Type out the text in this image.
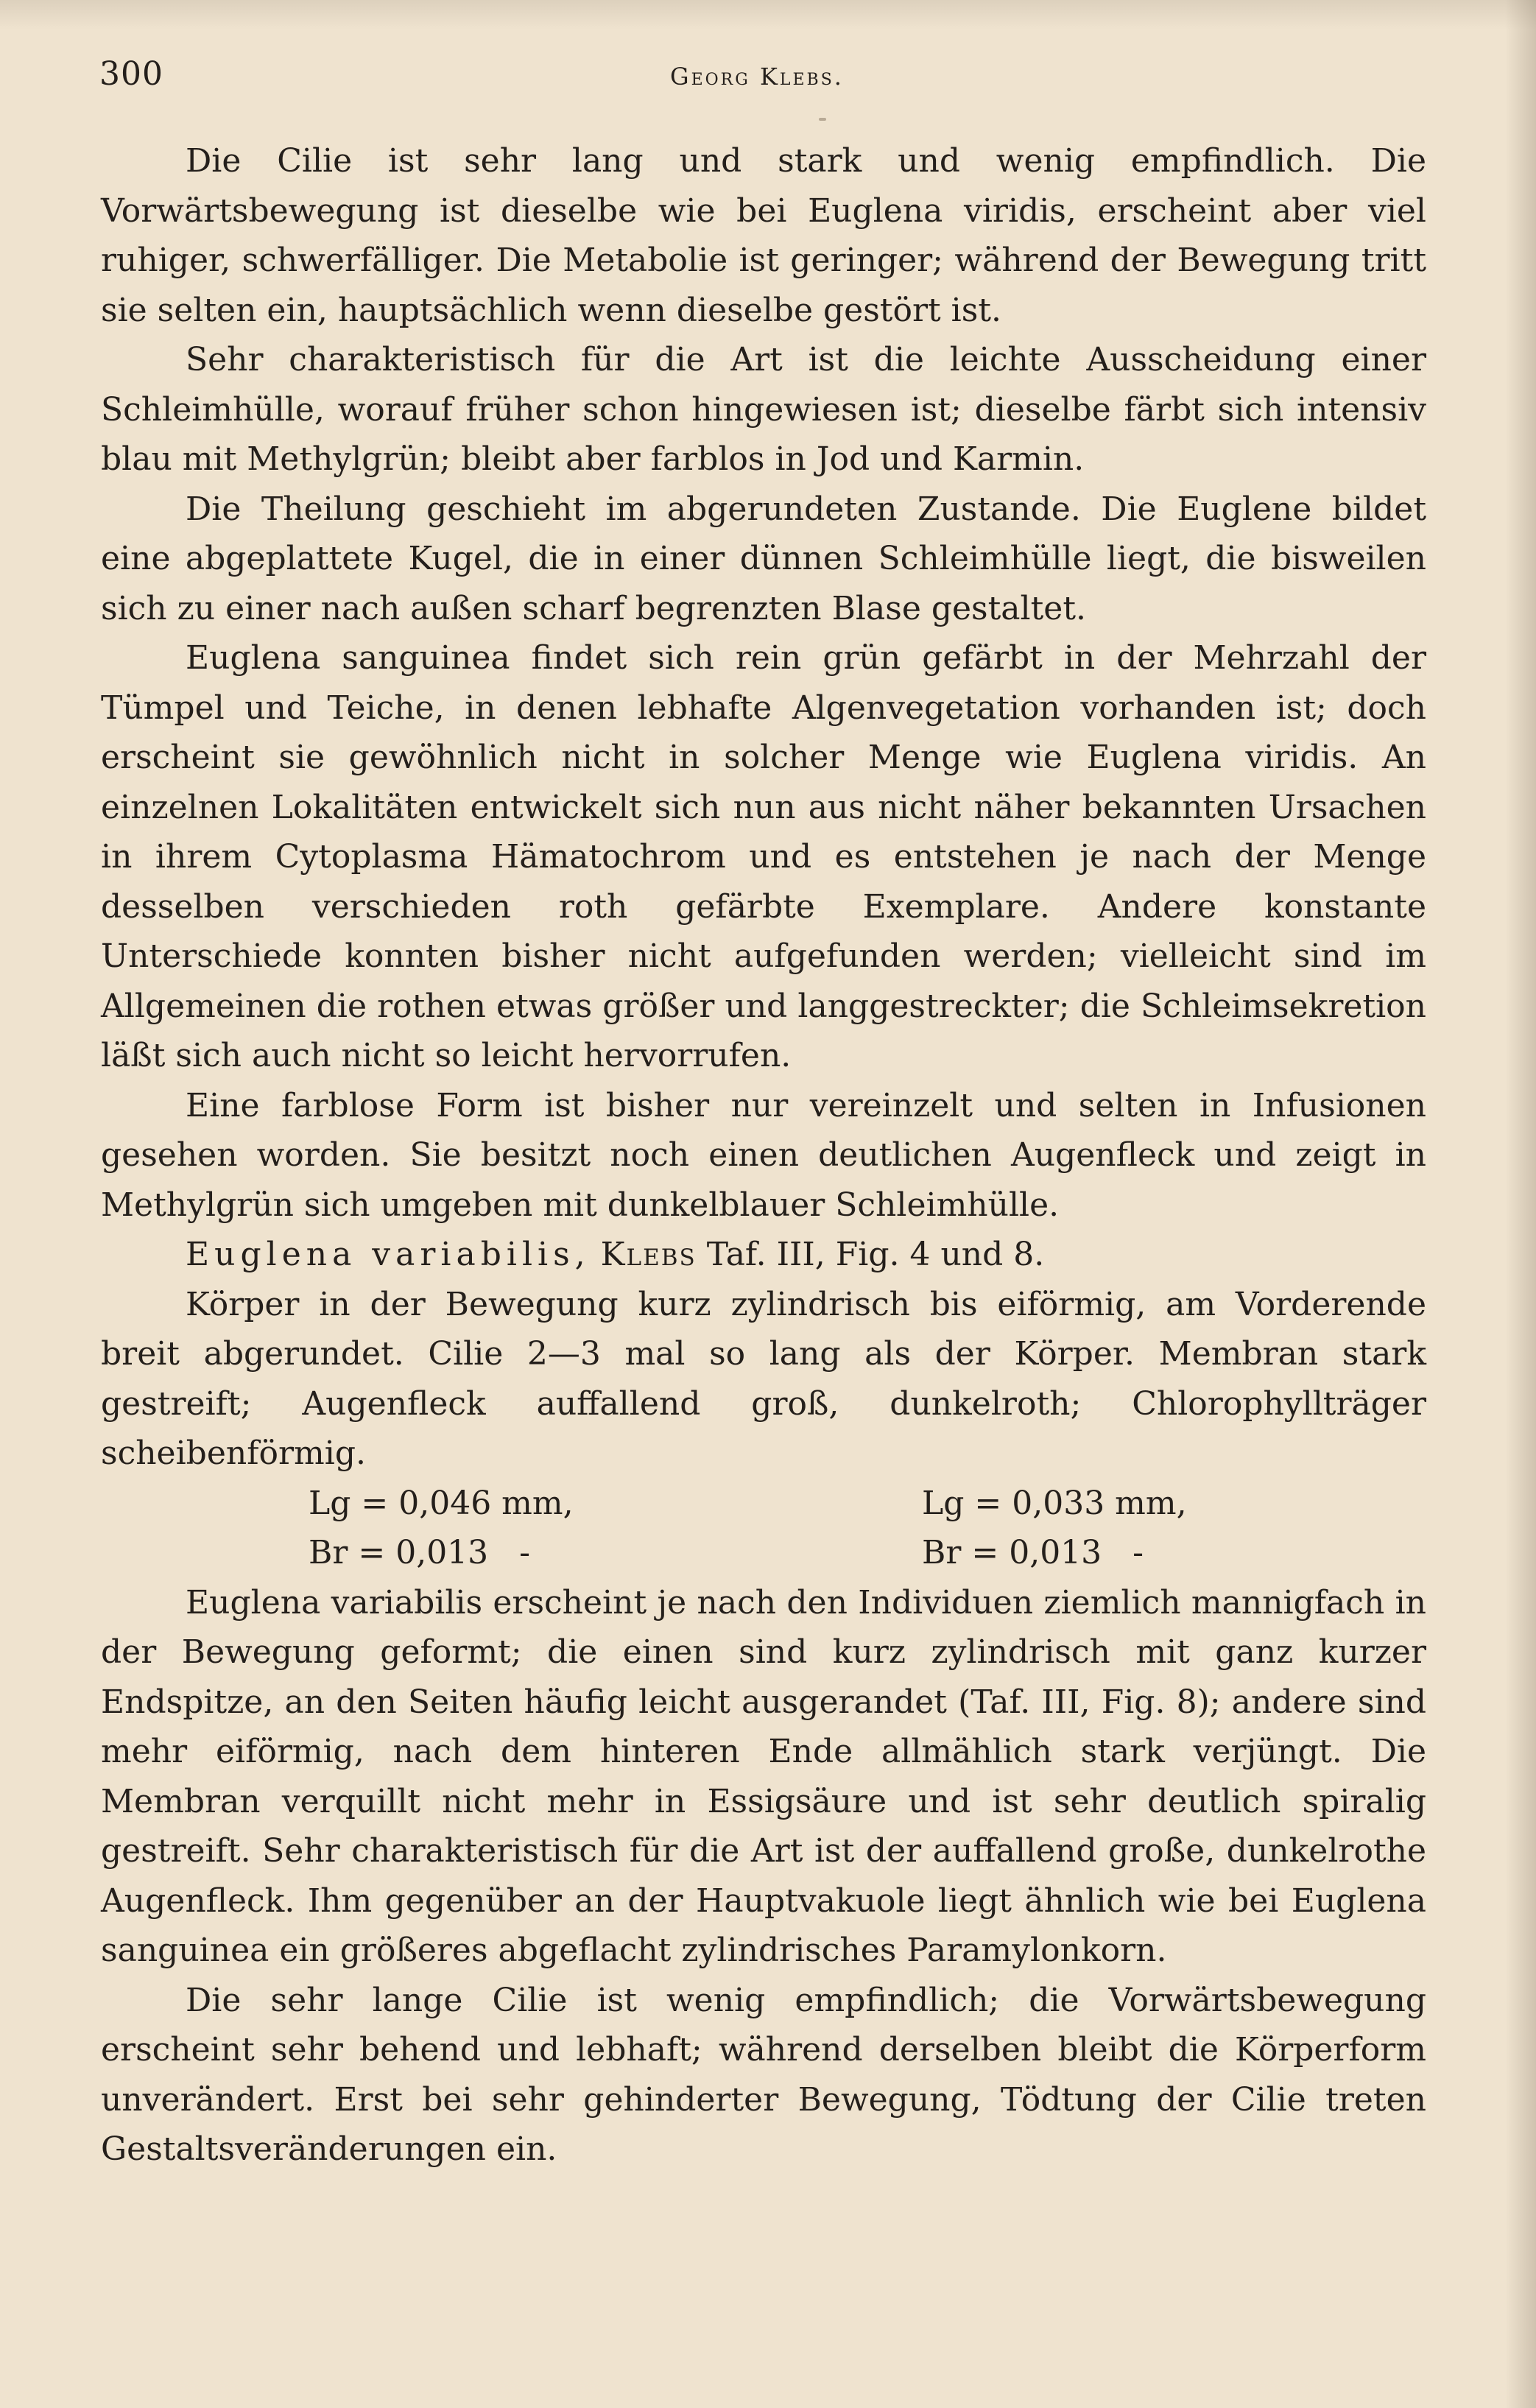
300	Georg Klebs.

Die Cilie ist sehr lang und stark und wenig empfindlich. Die Vorwärtsbewegung ist dieselbe wie bei Euglena viridis, erscheint aber viel ruhiger, schwerfälliger. Die Metabolie ist geringer; während der Bewegung tritt sie selten ein, hauptsächlich wenn dieselbe gestört ist.

Sehr charakteristisch für die Art ist die leichte Ausscheidung einer Schleimhülle, worauf früher schon hingewiesen ist; dieselbe färbt sich intensiv blau mit Methylgrün; bleibt aber farblos in Jod und Karmin.

Die Theilung geschieht im abgerundeten Zustande. Die Euglene bildet eine abgeplattete Kugel, die in einer dünnen Schleimhülle liegt, die bisweilen sich zu einer nach außen scharf begrenzten Blase gestaltet.

Euglena sanguinea findet sich rein grün gefärbt in der Mehrzahl der Tümpel und Teiche, in denen lebhafte Algenvegetation vorhanden ist; doch erscheint sie gewöhnlich nicht in solcher Menge wie Euglena viridis. An einzelnen Lokalitäten entwickelt sich nun aus nicht näher bekannten Ursachen in ihrem Cytoplasma Hämatochrom und es entstehen je nach der Menge desselben verschieden roth gefärbte Exemplare. Andere konstante Unterschiede konnten bisher nicht aufgefunden werden; vielleicht sind im Allgemeinen die rothen etwas größer und langgestreckter; die Schleimsekretion läßt sich auch nicht so leicht hervorrufen.

Eine farblose Form ist bisher nur vereinzelt und selten in Infusionen gesehen worden. Sie besitzt noch einen deutlichen Augenfleck und zeigt in Methylgrün sich umgeben mit dunkelblauer Schleimhülle.

Euglena variabilis, Klebs Taf. III, Fig. 4 und 8.

Körper in der Bewegung kurz zylindrisch bis eiförmig, am Vorderende breit abgerundet. Cilie 2—3 mal so lang als der Körper. Membran stark gestreift; Augenfleck auffallend groß, dunkelroth; Chlorophyllträger scheibenförmig.

Lg = 0,046 mm,
Br = 0,013   -
Lg = 0,033 mm,
Br = 0,013   -

Euglena variabilis erscheint je nach den Individuen ziemlich mannigfach in der Bewegung geformt; die einen sind kurz zylindrisch mit ganz kurzer Endspitze, an den Seiten häufig leicht ausgerandet (Taf. III, Fig. 8); andere sind mehr eiförmig, nach dem hinteren Ende allmählich stark verjüngt. Die Membran verquillt nicht mehr in Essigsäure und ist sehr deutlich spiralig gestreift. Sehr charakteristisch für die Art ist der auffallend große, dunkelrothe Augenfleck. Ihm gegenüber an der Hauptvakuole liegt ähnlich wie bei Euglena sanguinea ein größeres abgeflacht zylindrisches Paramylonkorn.

Die sehr lange Cilie ist wenig empfindlich; die Vorwärtsbewegung erscheint sehr behend und lebhaft; während derselben bleibt die Körperform unverändert. Erst bei sehr gehinderter Bewegung, Tödtung der Cilie treten Gestaltsveränderungen ein.
